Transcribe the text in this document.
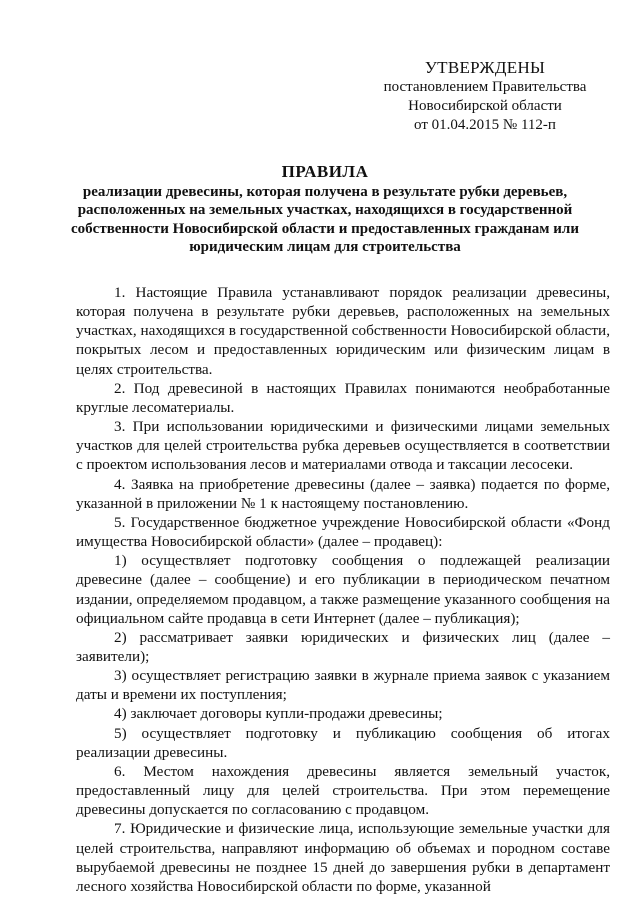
УТВЕРЖДЕНЫ
постановлением Правительства
Новосибирской области
от 01.04.2015 № 112-п
ПРАВИЛА
реализации древесины, которая получена в результате рубки деревьев, расположенных на земельных участках, находящихся в государственной собственности Новосибирской области и предоставленных гражданам или юридическим лицам для строительства

1. Настоящие Правила устанавливают порядок реализации древесины, которая получена в результате рубки деревьев, расположенных на земельных участках, находящихся в государственной собственности Новосибирской области, покрытых лесом и предоставленных юридическим или физическим лицам в целях строительства.

2. Под древесиной в настоящих Правилах понимаются необработанные круглые лесоматериалы.

3. При использовании юридическими и физическими лицами земельных участков для целей строительства рубка деревьев осуществляется в соответствии с проектом использования лесов и материалами отвода и таксации лесосеки.

4. Заявка на приобретение древесины (далее – заявка) подается по форме, указанной в приложении № 1 к настоящему постановлению.

5. Государственное бюджетное учреждение Новосибирской области «Фонд имущества Новосибирской области» (далее – продавец):

1) осуществляет подготовку сообщения о подлежащей реализации древесине (далее – сообщение) и его публикации в периодическом печатном издании, определяемом продавцом, а также размещение указанного сообщения на официальном сайте продавца в сети Интернет (далее – публикация);

2) рассматривает заявки юридических и физических лиц (далее – заявители);

3) осуществляет регистрацию заявки в журнале приема заявок с указанием даты и времени их поступления;

4) заключает договоры купли-продажи древесины;

5) осуществляет подготовку и публикацию сообщения об итогах реализации древесины.

6. Местом нахождения древесины является земельный участок, предоставленный лицу для целей строительства. При этом перемещение древесины допускается по согласованию с продавцом.

7. Юридические и физические лица, использующие земельные участки для целей строительства, направляют информацию об объемах и породном составе вырубаемой древесины не позднее 15 дней до завершения рубки в департамент лесного хозяйства Новосибирской области по форме, указанной
